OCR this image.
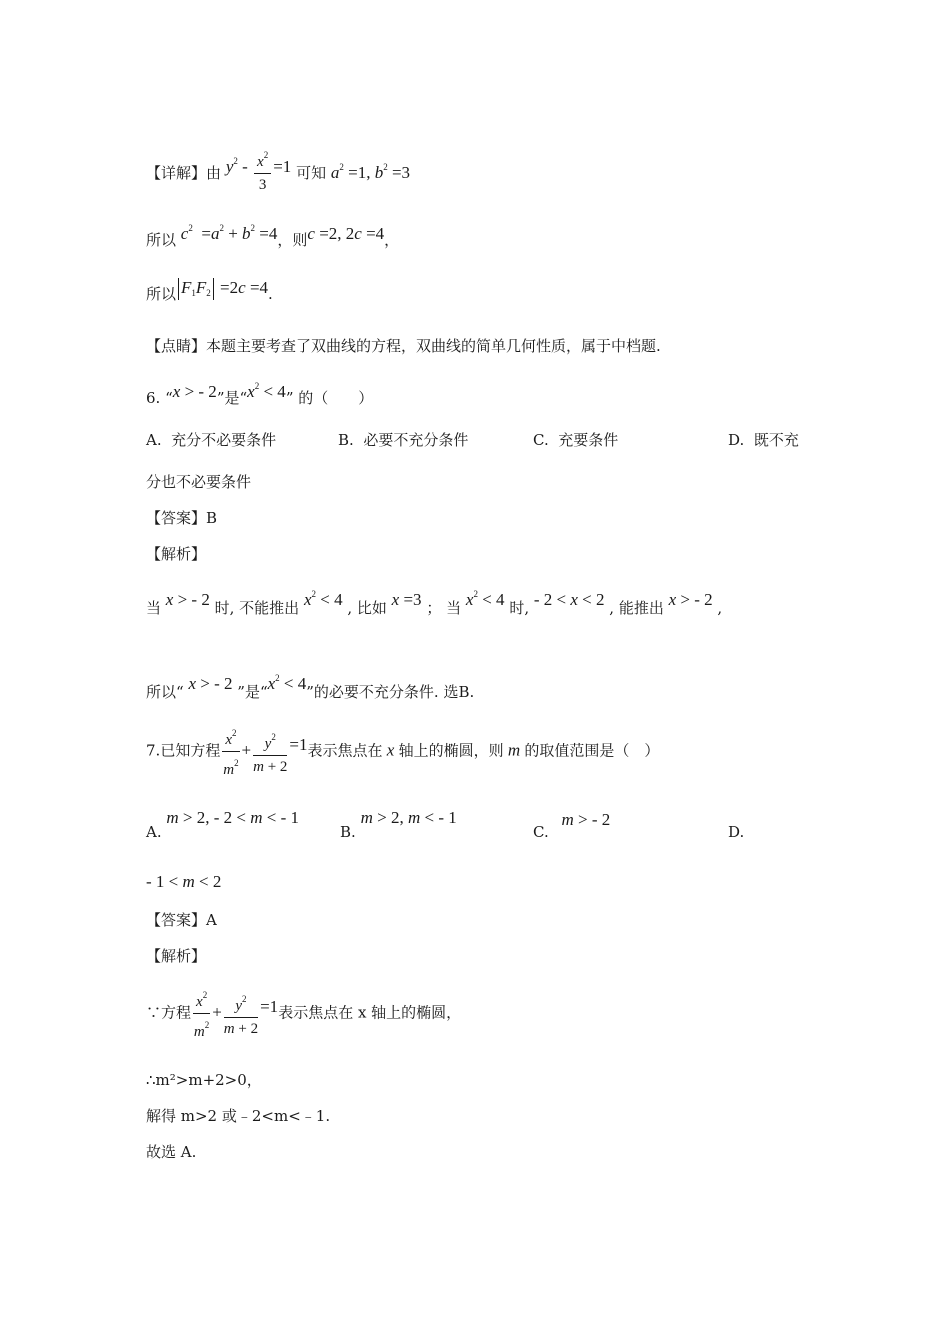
【详解】由 $y^2 - \frac{x^2}{3} =1$ 可知 $a^2 =1$, $b^2 =3$
所以 $c^2 =a^2 + b^2 =4$，则c =2, 2c =4，
所以 $F_1F_2 =2c =4$.
【点睛】本题主要考查了双曲线的方程，双曲线的简单几何性质，属于中档题.
6. “x > - 2”是“$x^2 < 4$” 的（　　）
A. 充分不必要条件	B. 必要不充分条件	C. 充要条件	D. 既不充
分也不必要条件
【答案】B
【解析】
当 x > - 2 时, 不能推出 $x^2 < 4$ , 比如 x =3 ； 当 $x^2 < 4$ 时, - 2 < x < 2 , 能推出 x > - 2 ,
所以“ x > - 2 ”是“$x^2 < 4$”的必要不充分条件. 选B.
7.已知方程 $\frac{x^2}{m^2} + \frac{y^2}{m + 2} =1$表示焦点在 x 轴上的椭圆，则 m 的取值范围是（　）
A. m > 2, - 2 < m < - 1
B. m > 2, m < - 1
C. m > - 2
D.
- 1 < m < 2
【答案】A
【解析】
∵方程 $\frac{x^2}{m^2} + \frac{y^2}{m + 2} =1$表示焦点在 x 轴上的椭圆，
∴m²>m+2>0，
解得 m>2 或﹣2<m<﹣1.
故选 A.
